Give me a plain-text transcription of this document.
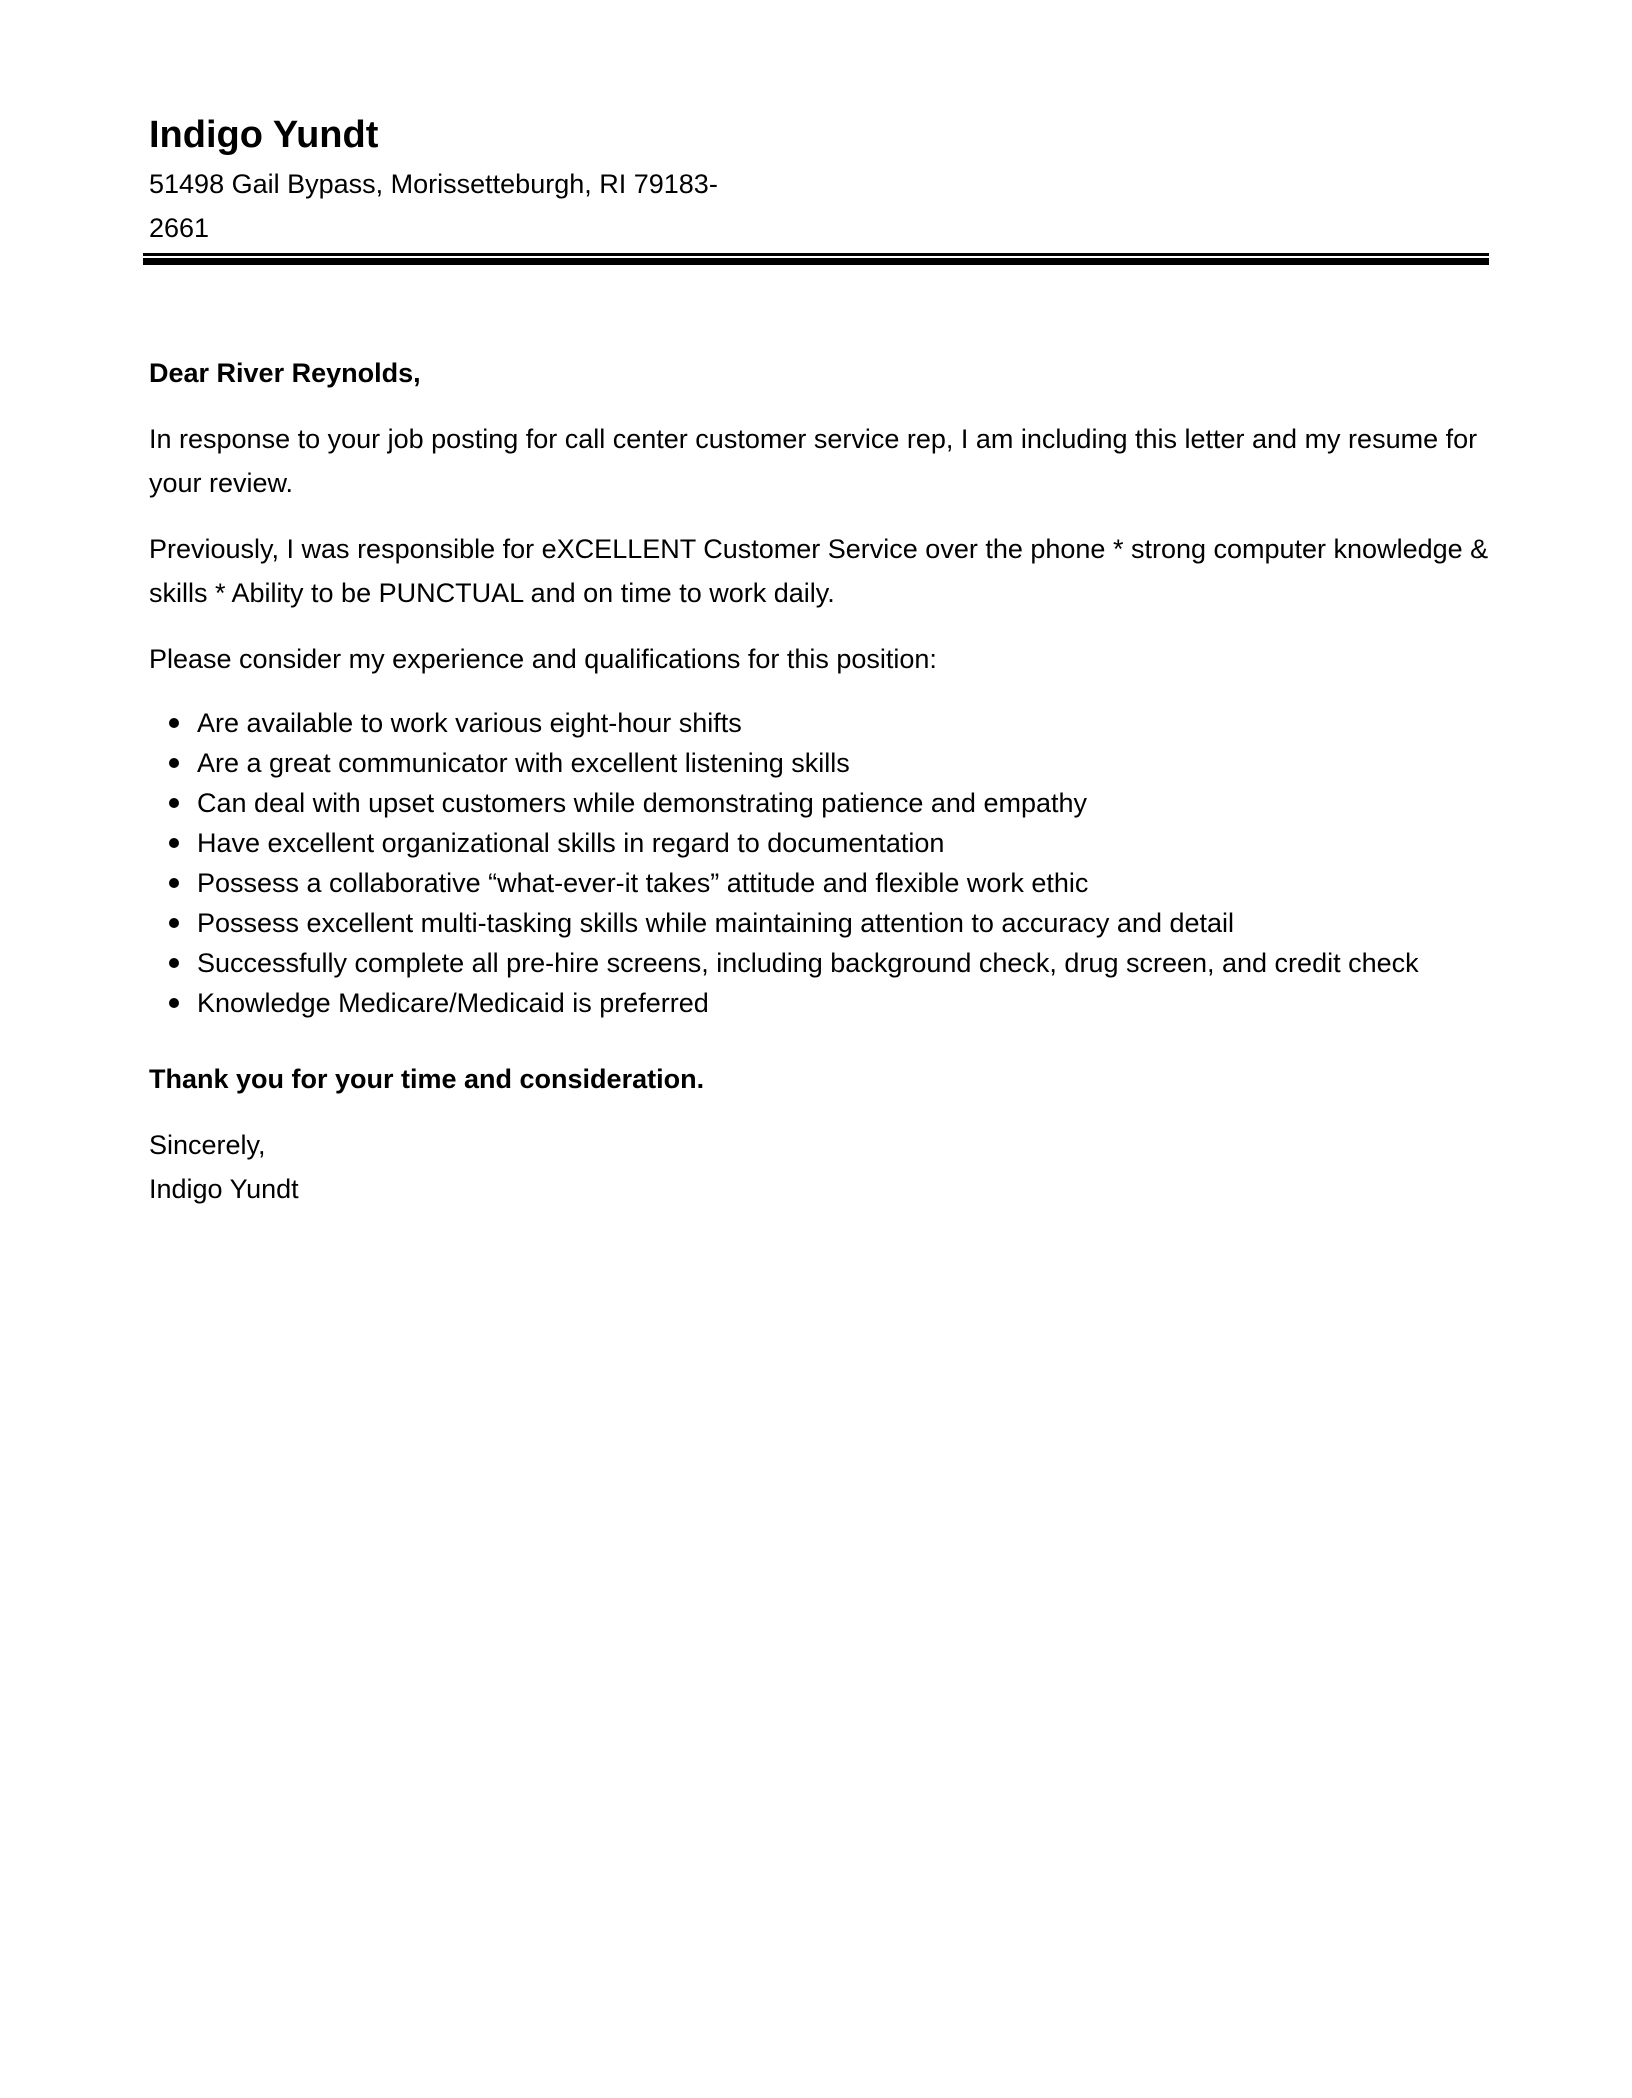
Indigo Yundt

51498 Gail Bypass, Morissetteburgh, RI 79183-
2661

Dear River Reynolds,

In response to your job posting for call center customer service rep, I am including this letter and my resume for your review.

Previously, I was responsible for eXCELLENT Customer Service over the phone * strong computer knowledge & skills * Ability to be PUNCTUAL and on time to work daily.

Please consider my experience and qualifications for this position:

Are available to work various eight-hour shifts
Are a great communicator with excellent listening skills
Can deal with upset customers while demonstrating patience and empathy
Have excellent organizational skills in regard to documentation
Possess a collaborative “what-ever-it takes” attitude and flexible work ethic
Possess excellent multi-tasking skills while maintaining attention to accuracy and detail
Successfully complete all pre-hire screens, including background check, drug screen, and credit check
Knowledge Medicare/Medicaid is preferred

Thank you for your time and consideration.

Sincerely,

Indigo Yundt
